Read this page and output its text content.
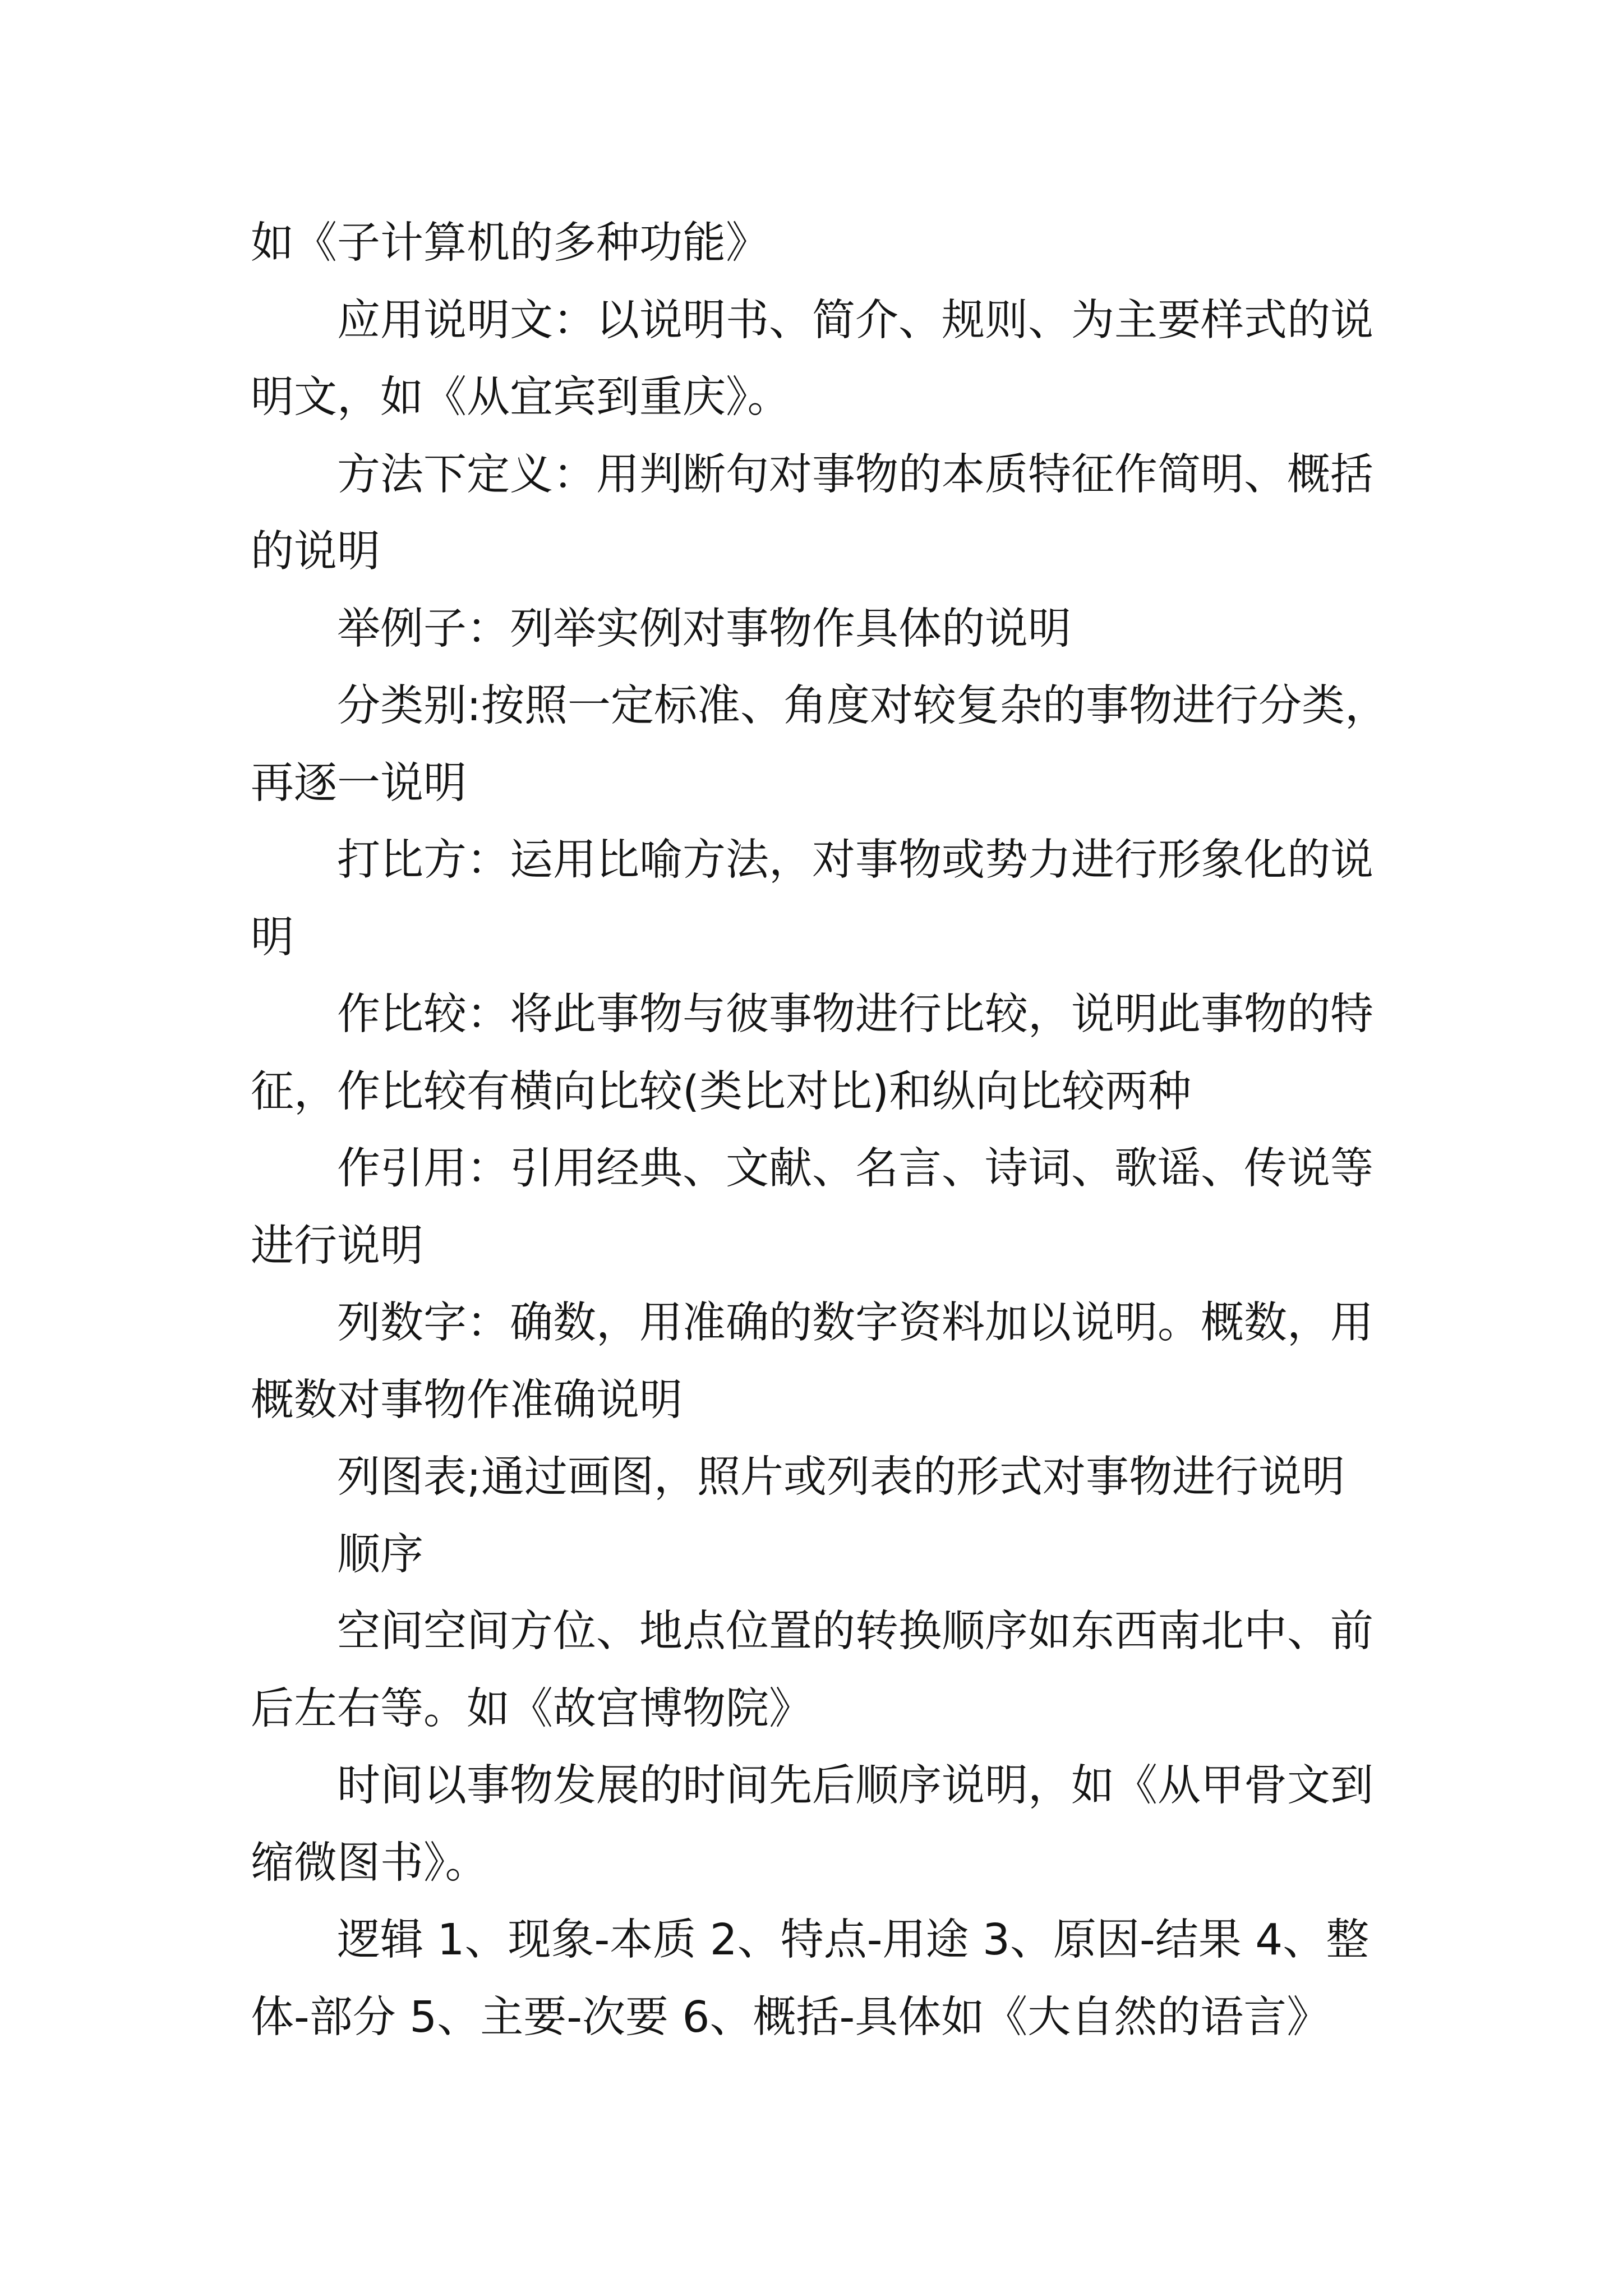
如《子计算机的多种功能》
应用说明文：以说明书、简介、规则、为主要样式的说
明文，如《从宜宾到重庆》。
方法下定义：用判断句对事物的本质特征作简明、概括
的说明
举例子：列举实例对事物作具体的说明
分类别:按照一定标准、角度对较复杂的事物进行分类，
再逐一说明
打比方：运用比喻方法，对事物或势力进行形象化的说
明
作比较：将此事物与彼事物进行比较，说明此事物的特
征，作比较有横向比较(类比对比)和纵向比较两种
作引用：引用经典、文献、名言、诗词、歌谣、传说等
进行说明
列数字：确数，用准确的数字资料加以说明。概数，用
概数对事物作准确说明
列图表;通过画图，照片或列表的形式对事物进行说明
顺序
空间空间方位、地点位置的转换顺序如东西南北中、前
后左右等。如《故宫博物院》
时间以事物发展的时间先后顺序说明，如《从甲骨文到
缩微图书》。
逻辑 1、现象-本质 2、特点-用途 3、原因-结果 4、整
体-部分 5、主要-次要 6、概括-具体如《大自然的语言》
